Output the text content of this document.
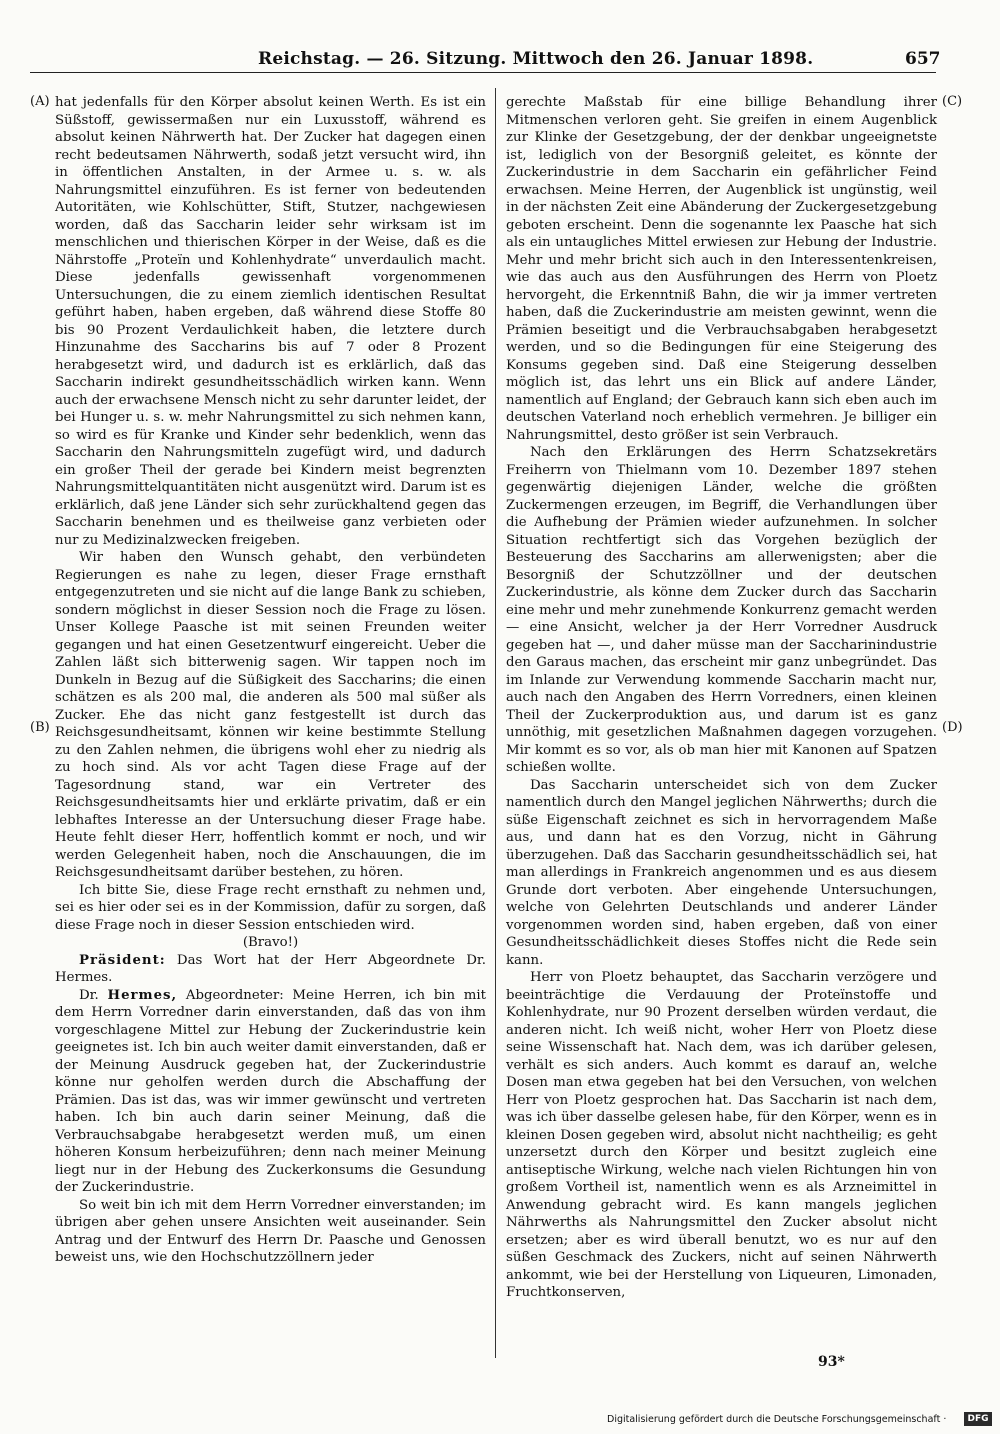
Reichstag. — 26. Sitzung. Mittwoch den 26. Januar 1898.	657
(A)
(B)
(C)
(D)

hat jedenfalls für den Körper absolut keinen Werth. Es ist ein Süßstoff, gewissermaßen nur ein Luxusstoff, während es absolut keinen Nährwerth hat. Der Zucker hat dagegen einen recht bedeutsamen Nährwerth, sodaß jetzt versucht wird, ihn in öffentlichen Anstalten, in der Armee u. s. w. als Nahrungsmittel einzuführen. Es ist ferner von bedeutenden Autoritäten, wie Kohlschütter, Stift, Stutzer, nachgewiesen worden, daß das Saccharin leider sehr wirksam ist im menschlichen und thierischen Körper in der Weise, daß es die Nährstoffe „Proteïn und Kohlenhydrate“ unverdaulich macht. Diese jedenfalls gewissenhaft vorgenommenen Untersuchungen, die zu einem ziemlich identischen Resultat geführt haben, haben ergeben, daß während diese Stoffe 80 bis 90 Prozent Verdaulichkeit haben, die letztere durch Hinzunahme des Saccharins bis auf 7 oder 8 Prozent herabgesetzt wird, und dadurch ist es erklärlich, daß das Saccharin indirekt gesundheitsschädlich wirken kann. Wenn auch der erwachsene Mensch nicht zu sehr darunter leidet, der bei Hunger u. s. w. mehr Nahrungsmittel zu sich nehmen kann, so wird es für Kranke und Kinder sehr bedenklich, wenn das Saccharin den Nahrungsmitteln zugefügt wird, und dadurch ein großer Theil der gerade bei Kindern meist begrenzten Nahrungsmittelquantitäten nicht ausgenützt wird. Darum ist es erklärlich, daß jene Länder sich sehr zurückhaltend gegen das Saccharin benehmen und es theilweise ganz verbieten oder nur zu Medizinalzwecken freigeben.

Wir haben den Wunsch gehabt, den verbündeten Regierungen es nahe zu legen, dieser Frage ernsthaft entgegenzutreten und sie nicht auf die lange Bank zu schieben, sondern möglichst in dieser Session noch die Frage zu lösen. Unser Kollege Paasche ist mit seinen Freunden weiter gegangen und hat einen Gesetzentwurf eingereicht. Ueber die Zahlen läßt sich bitterwenig sagen. Wir tappen noch im Dunkeln in Bezug auf die Süßigkeit des Saccharins; die einen schätzen es als 200 mal, die anderen als 500 mal süßer als Zucker. Ehe das nicht ganz festgestellt ist durch das Reichsgesundheitsamt, können wir keine bestimmte Stellung zu den Zahlen nehmen, die übrigens wohl eher zu niedrig als zu hoch sind. Als vor acht Tagen diese Frage auf der Tagesordnung stand, war ein Vertreter des Reichsgesundheitsamts hier und erklärte privatim, daß er ein lebhaftes Interesse an der Untersuchung dieser Frage habe. Heute fehlt dieser Herr, hoffentlich kommt er noch, und wir werden Gelegenheit haben, noch die Anschauungen, die im Reichsgesundheitsamt darüber bestehen, zu hören.

Ich bitte Sie, diese Frage recht ernsthaft zu nehmen und, sei es hier oder sei es in der Kommission, dafür zu sorgen, daß diese Frage noch in dieser Session entschieden wird.

(Bravo!)

Präsident: Das Wort hat der Herr Abgeordnete Dr. Hermes.

Dr. Hermes, Abgeordneter: Meine Herren, ich bin mit dem Herrn Vorredner darin einverstanden, daß das von ihm vorgeschlagene Mittel zur Hebung der Zuckerindustrie kein geeignetes ist. Ich bin auch weiter damit einverstanden, daß er der Meinung Ausdruck gegeben hat, der Zuckerindustrie könne nur geholfen werden durch die Abschaffung der Prämien. Das ist das, was wir immer gewünscht und vertreten haben. Ich bin auch darin seiner Meinung, daß die Verbrauchsabgabe herabgesetzt werden muß, um einen höheren Konsum herbeizuführen; denn nach meiner Meinung liegt nur in der Hebung des Zuckerkonsums die Gesundung der Zuckerindustrie.

So weit bin ich mit dem Herrn Vorredner einverstanden; im übrigen aber gehen unsere Ansichten weit auseinander. Sein Antrag und der Entwurf des Herrn Dr. Paasche und Genossen beweist uns, wie den Hochschutzzöllnern jeder

gerechte Maßstab für eine billige Behandlung ihrer Mitmenschen verloren geht. Sie greifen in einem Augenblick zur Klinke der Gesetzgebung, der der denkbar ungeeignetste ist, lediglich von der Besorgniß geleitet, es könnte der Zuckerindustrie in dem Saccharin ein gefährlicher Feind erwachsen. Meine Herren, der Augenblick ist ungünstig, weil in der nächsten Zeit eine Abänderung der Zuckergesetzgebung geboten erscheint. Denn die sogenannte lex Paasche hat sich als ein untaugliches Mittel erwiesen zur Hebung der Industrie. Mehr und mehr bricht sich auch in den Interessentenkreisen, wie das auch aus den Ausführungen des Herrn von Ploetz hervorgeht, die Erkenntniß Bahn, die wir ja immer vertreten haben, daß die Zuckerindustrie am meisten gewinnt, wenn die Prämien beseitigt und die Verbrauchsabgaben herabgesetzt werden, und so die Bedingungen für eine Steigerung des Konsums gegeben sind. Daß eine Steigerung desselben möglich ist, das lehrt uns ein Blick auf andere Länder, namentlich auf England; der Gebrauch kann sich eben auch im deutschen Vaterland noch erheblich vermehren. Je billiger ein Nahrungsmittel, desto größer ist sein Verbrauch.

Nach den Erklärungen des Herrn Schatzsekretärs Freiherrn von Thielmann vom 10. Dezember 1897 stehen gegenwärtig diejenigen Länder, welche die größten Zuckermengen erzeugen, im Begriff, die Verhandlungen über die Aufhebung der Prämien wieder aufzunehmen. In solcher Situation rechtfertigt sich das Vorgehen bezüglich der Besteuerung des Saccharins am allerwenigsten; aber die Besorgniß der Schutzzöllner und der deutschen Zuckerindustrie, als könne dem Zucker durch das Saccharin eine mehr und mehr zunehmende Konkurrenz gemacht werden — eine Ansicht, welcher ja der Herr Vorredner Ausdruck gegeben hat —, und daher müsse man der Saccharinindustrie den Garaus machen, das erscheint mir ganz unbegründet. Das im Inlande zur Verwendung kommende Saccharin macht nur, auch nach den Angaben des Herrn Vorredners, einen kleinen Theil der Zuckerproduktion aus, und darum ist es ganz unnöthig, mit gesetzlichen Maßnahmen dagegen vorzugehen. Mir kommt es so vor, als ob man hier mit Kanonen auf Spatzen schießen wollte.

Das Saccharin unterscheidet sich von dem Zucker namentlich durch den Mangel jeglichen Nährwerths; durch die süße Eigenschaft zeichnet es sich in hervorragendem Maße aus, und dann hat es den Vorzug, nicht in Gährung überzugehen. Daß das Saccharin gesundheitsschädlich sei, hat man allerdings in Frankreich angenommen und es aus diesem Grunde dort verboten. Aber eingehende Untersuchungen, welche von Gelehrten Deutschlands und anderer Länder vorgenommen worden sind, haben ergeben, daß von einer Gesundheitsschädlichkeit dieses Stoffes nicht die Rede sein kann.

Herr von Ploetz behauptet, das Saccharin verzögere und beeinträchtige die Verdauung der Proteïnstoffe und Kohlenhydrate, nur 90 Prozent derselben würden verdaut, die anderen nicht. Ich weiß nicht, woher Herr von Ploetz diese seine Wissenschaft hat. Nach dem, was ich darüber gelesen, verhält es sich anders. Auch kommt es darauf an, welche Dosen man etwa gegeben hat bei den Versuchen, von welchen Herr von Ploetz gesprochen hat. Das Saccharin ist nach dem, was ich über dasselbe gelesen habe, für den Körper, wenn es in kleinen Dosen gegeben wird, absolut nicht nachtheilig; es geht unzersetzt durch den Körper und besitzt zugleich eine antiseptische Wirkung, welche nach vielen Richtungen hin von großem Vortheil ist, namentlich wenn es als Arzneimittel in Anwendung gebracht wird. Es kann mangels jeglichen Nährwerths als Nahrungsmittel den Zucker absolut nicht ersetzen; aber es wird überall benutzt, wo es nur auf den süßen Geschmack des Zuckers, nicht auf seinen Nährwerth ankommt, wie bei der Herstellung von Liqueuren, Limonaden, Fruchtkonserven,

93*
Digitalisierung gefördert durch die Deutsche Forschungsgemeinschaft ·	DFG
